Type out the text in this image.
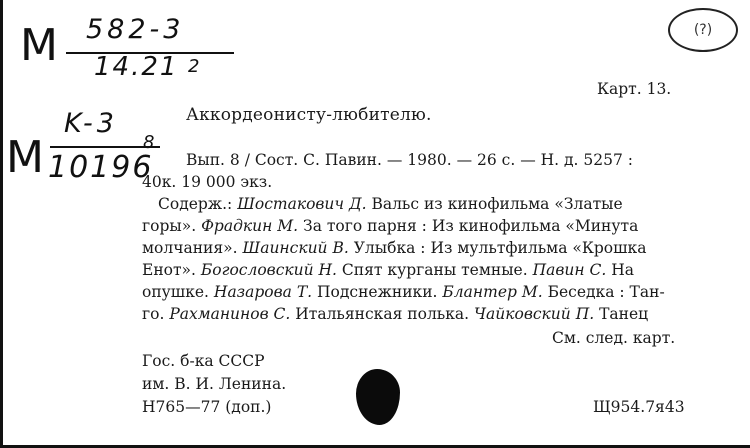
M 582-3
14.21 2
(?)
Карт. 13.
M
K-3
10196
8
Аккордеонисту-любителю.
Вып. 8 / Сост. С. Павин. — 1980. — 26 с. — Н. д. 5257 :
40к. 19 000 экз.
Содерж.: Шостакович Д. Вальс из кинофильма «Златые
горы». Фрадкин М. За того парня : Из кинофильма «Минута
молчания». Шаинский В. Улыбка : Из мультфильма «Крошка
Енот». Богословский Н. Спят курганы темные. Павин С. На
опушке. Назарова Т. Подснежники. Блантер М. Беседка : Тан-
го. Рахманинов С. Итальянская полька. Чайковский П. Танец
См. след. карт.
Гос. б-ка СССР
им. В. И. Ленина.
Н765—77 (доп.)	Щ954.7я43
